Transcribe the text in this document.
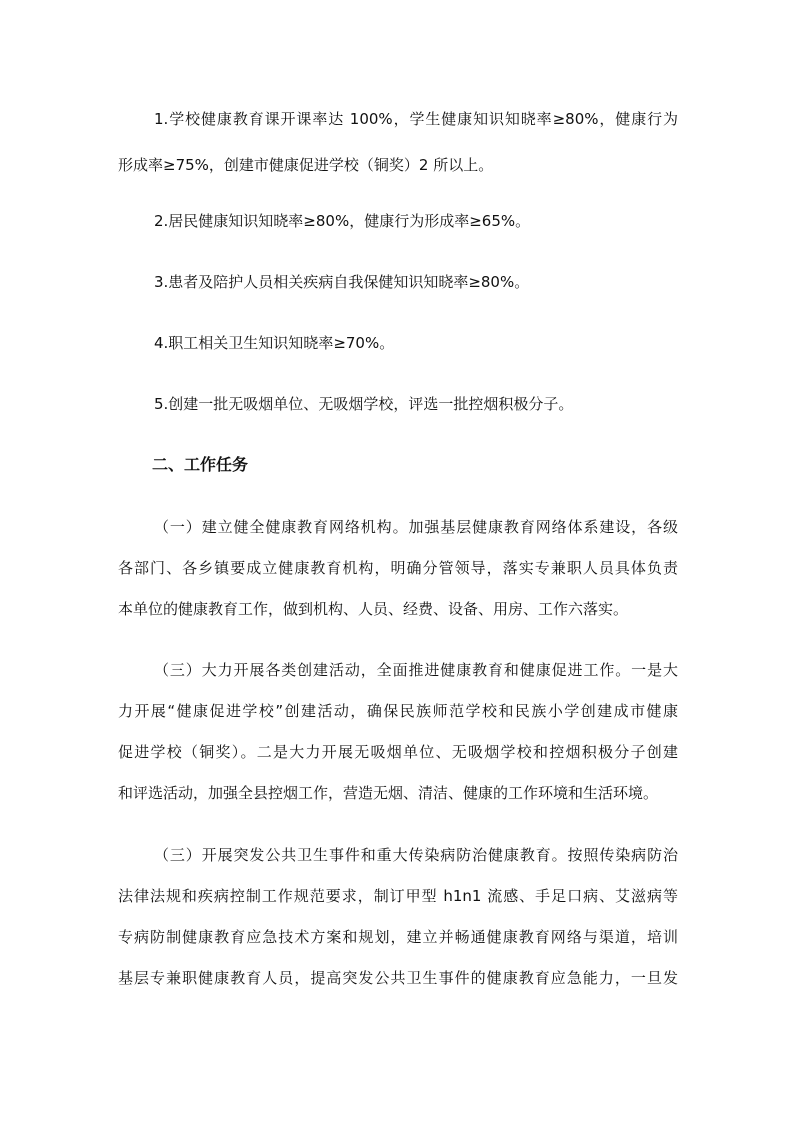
1.学校健康教育课开课率达 100%，学生健康知识知晓率≥80%，健康行为
形成率≥75%，创建市健康促进学校（铜奖）2 所以上。
2.居民健康知识知晓率≥80%，健康行为形成率≥65%。
3.患者及陪护人员相关疾病自我保健知识知晓率≥80%。
4.职工相关卫生知识知晓率≥70%。
5.创建一批无吸烟单位、无吸烟学校，评选一批控烟积极分子。
二、工作任务
（一）建立健全健康教育网络机构。加强基层健康教育网络体系建设，各级
各部门、各乡镇要成立健康教育机构，明确分管领导，落实专兼职人员具体负责
本单位的健康教育工作，做到机构、人员、经费、设备、用房、工作六落实。
（三）大力开展各类创建活动，全面推进健康教育和健康促进工作。一是大
力开展“健康促进学校”创建活动，确保民族师范学校和民族小学创建成市健康
促进学校（铜奖）。二是大力开展无吸烟单位、无吸烟学校和控烟积极分子创建
和评选活动，加强全县控烟工作，营造无烟、清洁、健康的工作环境和生活环境。
（三）开展突发公共卫生事件和重大传染病防治健康教育。按照传染病防治
法律法规和疾病控制工作规范要求，制订甲型 h1n1 流感、手足口病、艾滋病等
专病防制健康教育应急技术方案和规划，建立并畅通健康教育网络与渠道，培训
基层专兼职健康教育人员，提高突发公共卫生事件的健康教育应急能力，一旦发
